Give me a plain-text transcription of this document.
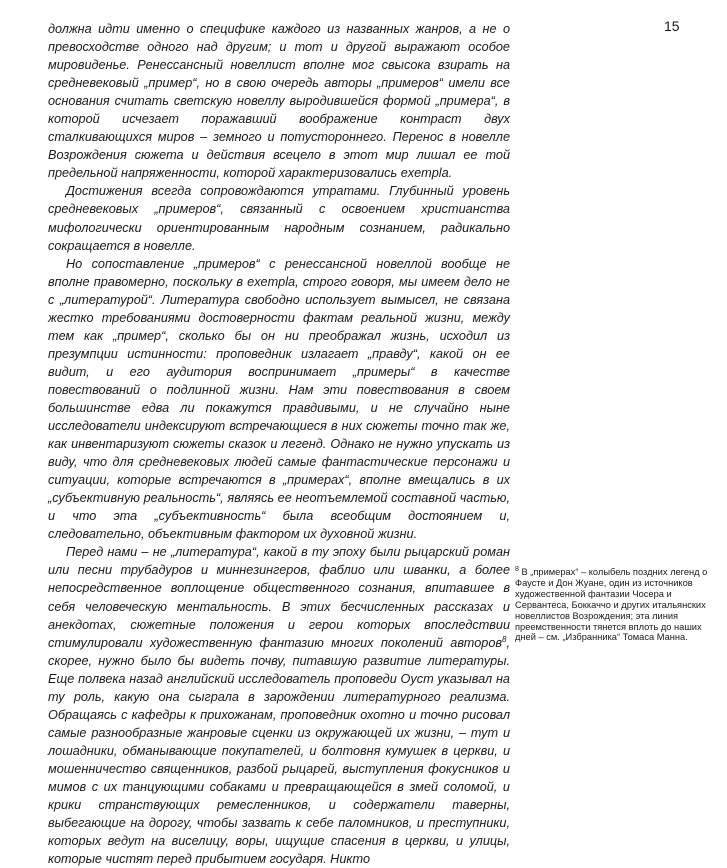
15

должна идти именно о специфике каждого из названных жанров, а не о превосходстве одного над другим; и тот и другой выражают особое мировиденье. Ренессансный новеллист вполне мог свысока взирать на средневековый „пример“, но в свою очередь авторы „примеров“ имели все основания считать светскую новеллу выродившейся формой „примера“, в которой исчезает поражавший воображение контраст двух сталкивающихся миров – земного и потустороннего. Перенос в новелле Возрождения сюжета и действия всецело в этот мир лишал ее той предельной напряженности, которой характеризовались exempla.

Достижения всегда сопровождаются утратами. Глубинный уровень средневековых „примеров“, связанный с освоением христианства мифологически ориентированным народным сознанием, радикально сокращается в новелле.

Но сопоставление „примеров“ с ренессансной новеллой вообще не вполне правомерно, поскольку в exempla, строго говоря, мы имеем дело не с „литературой“. Литература свободно использует вымысел, не связана жестко требованиями достоверности фактам реальной жизни, между тем как „пример“, сколько бы он ни преображал жизнь, исходил из презумпции истинности: проповедник излагает „правду“, какой он ее видит, и его аудитория воспринимает „примеры“ в качестве повествований о подлинной жизни. Нам эти повествования в своем большинстве едва ли покажутся правдивыми, и не случайно ныне исследователи индексируют встречающиеся в них сюжеты точно так же, как инвентаризуют сюжеты сказок и легенд. Однако не нужно упускать из виду, что для средневековых людей самые фантастические персонажи и ситуации, которые встречаются в „примерах“, вполне вмещались в их „субъективную реальность“, являясь ее неотъемлемой составной частью, и что эта „субъективность“ была всеобщим достоянием и, следовательно, объективным фактором их духовной жизни.

Перед нами – не „литература“, какой в ту эпоху были рыцарский роман или песни трубадуров и миннезингеров, фаблио или шванки, а более непосредственное воплощение общественного сознания, впитавшее в себя человеческую ментальность. В этих бесчисленных рассказах и анекдотах, сюжетные положения и герои которых впоследствии стимулировали художественную фантазию многих поколений авторов$^8$, скорее, нужно было бы видеть почву, питавшую развитие литературы. Еще полвека назад английский исследователь проповеди Оуст указывал на ту роль, какую она сыграла в зарождении литературного реализма. Обращаясь с кафедры к прихожанам, проповедник охотно и точно рисовал самые разнообразные жанровые сценки из окружающей их жизни, – тут и лошадники, обманывающие покупателей, и болтовня кумушек в церкви, и мошенничество священников, разбой рыцарей, выступления фокусников и мимов с их танцующими собаками и превращающейся в змей соломой, и крики странствующих ремесленников, и содержатели таверны, выбегающие на дорогу, чтобы зазвать к себе паломников, и преступники, которых ведут на виселицу, воры, ищущие спасения в церкви, и улицы, которые чистят перед прибытием государя. Никто

$^8$ В „примерах“ – колыбель поздних легенд о Фаусте и Дон Жуане, один из источников художественной фантазии Чосера и Сервантеса, Боккаччо и других итальянских новеллистов Возрождения; эта линия преемственности тянется вплоть до наших дней – см. „Избранника“ Томаса Манна.
